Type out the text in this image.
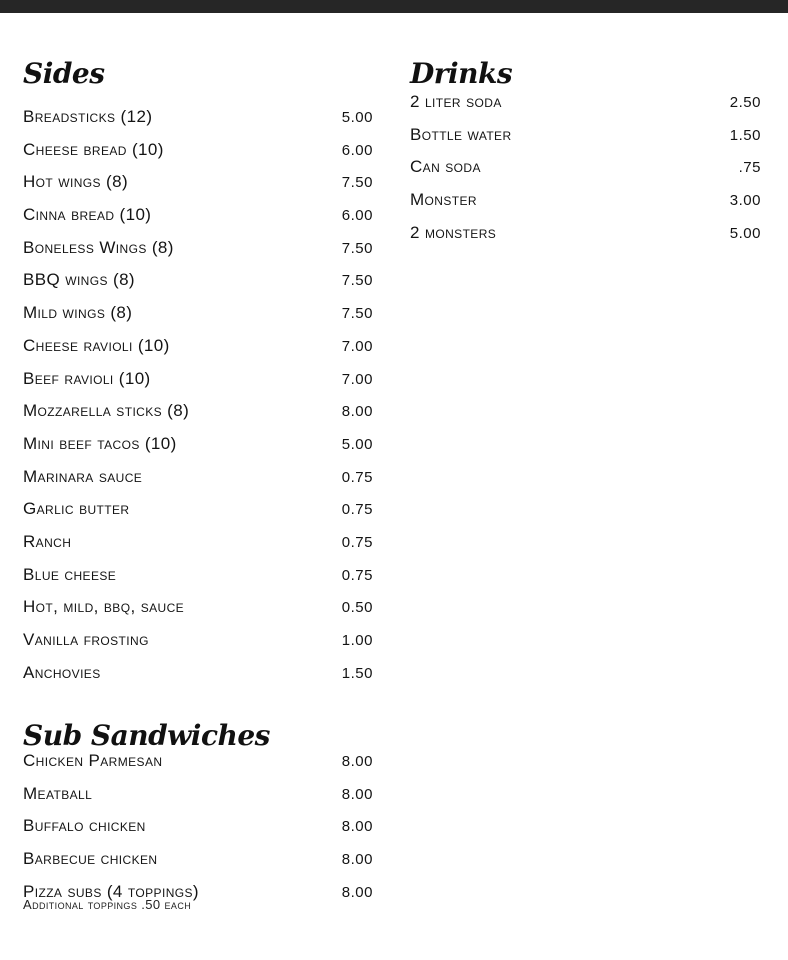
Sides
Breadsticks (12)	5.00
Cheese bread (10)	6.00
Hot wings (8)	7.50
Cinna bread (10)	6.00
Boneless Wings (8)	7.50
BBQ wings (8)	7.50
Mild wings (8)	7.50
Cheese ravioli (10)	7.00
Beef ravioli (10)	7.00
Mozzarella sticks (8)	8.00
Mini beef tacos (10)	5.00
Marinara sauce	0.75
Garlic butter	0.75
Ranch	0.75
Blue cheese	0.75
Hot, mild, bbq, sauce	0.50
Vanilla frosting	1.00
Anchovies	1.50
Drinks
2 liter soda	2.50
Bottle water	1.50
Can soda	.75
Monster	3.00
2 monsters	5.00
Sub Sandwiches
Chicken Parmesan	8.00
Meatball	8.00
Buffalo chicken	8.00
Barbecue chicken	8.00
Pizza subs (4 toppings)	8.00
Additional toppings .50 each
